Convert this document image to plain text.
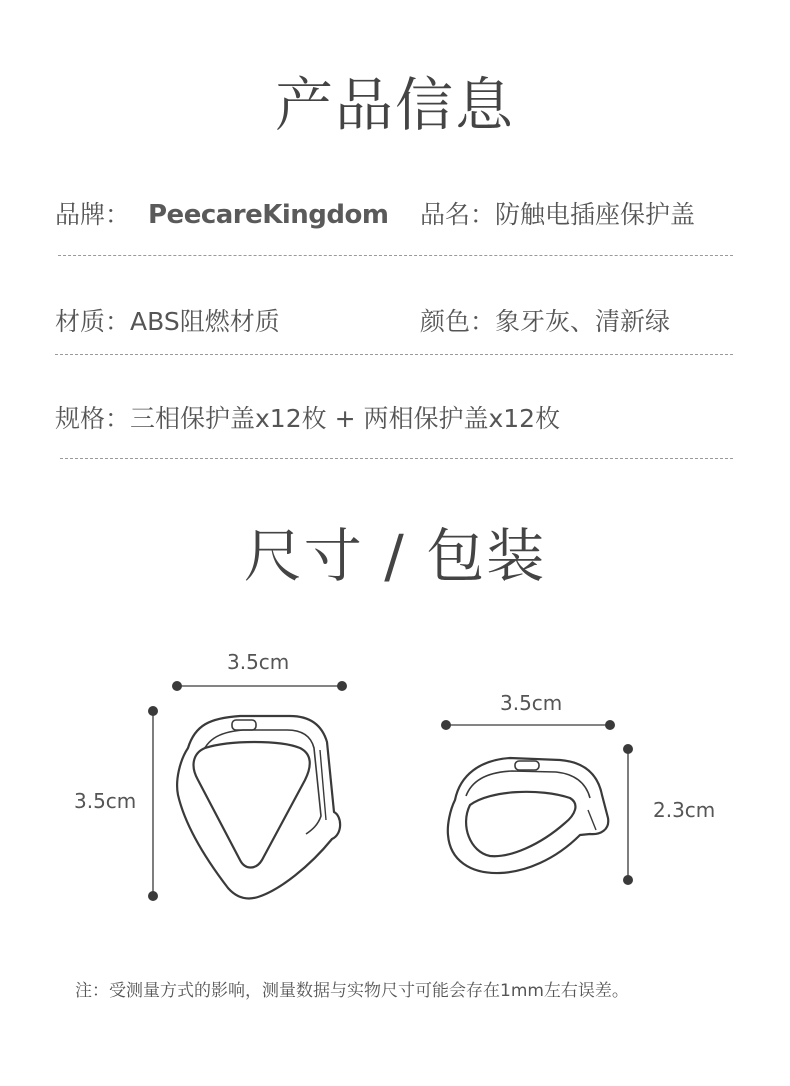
产品信息
品牌： PeecareKingdom 品名：防触电插座保护盖
材质：ABS阻燃材质	颜色：象牙灰、清新绿
规格：三相保护盖x12枚 + 两相保护盖x12枚
尺寸 / 包装
3.5cm
3.5cm
3.5cm
2.3cm
注：受测量方式的影响，测量数据与实物尺寸可能会存在1mm左右误差。
